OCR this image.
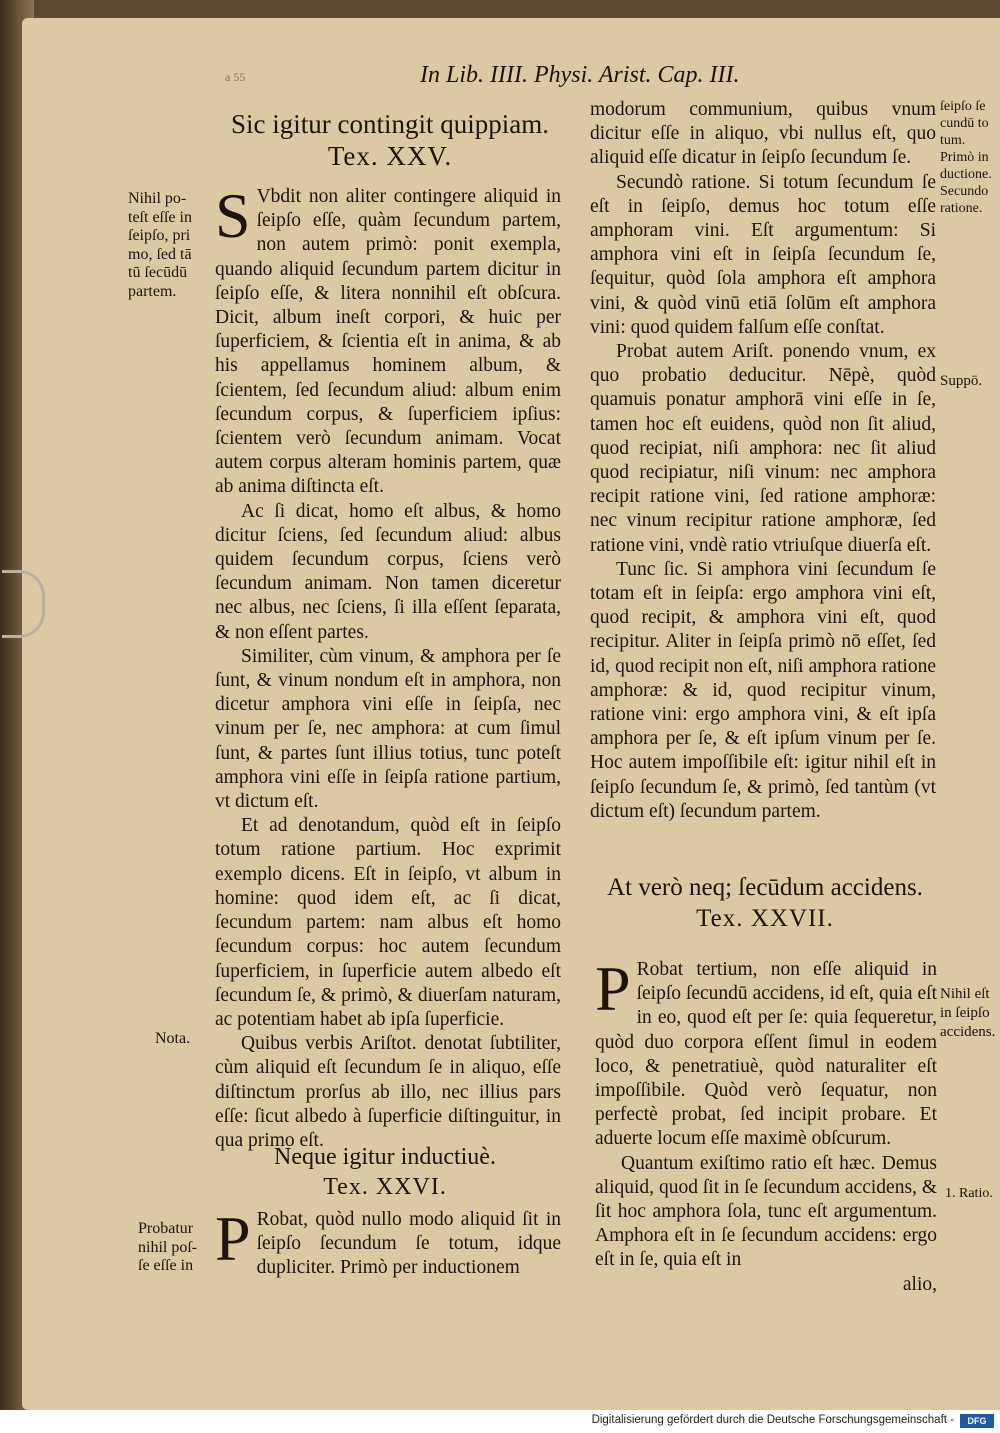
a 55	In Lib. IIII. Physi. Arist. Cap. III.
Sic igitur contingit quippiam.
Tex. XXV.

S Vbdit non aliter contingere aliquid in ſeipſo eſſe, quàm ſecundum partem, non autem primò: ponit exempla, quando aliquid ſecundum partem dicitur in ſeipſo eſſe, & litera nonnihil eſt obſcura. Dicit, album ineſt corpori, & huic per ſuperficiem, & ſcientia eſt in anima, & ab his appellamus hominem album, & ſcientem, ſed ſecundum aliud: album enim ſecundum corpus, & ſuperficiem ipſius: ſcientem verò ſecundum animam. Vocat autem corpus alteram hominis partem, quæ ab anima diſtincta eſt.

Ac ſi dicat, homo eſt albus, & homo dicitur ſciens, ſed ſecundum aliud: albus quidem ſecundum corpus, ſciens verò ſecundum animam. Non tamen diceretur nec albus, nec ſciens, ſi illa eſſent ſeparata, & non eſſent partes.

Similiter, cùm vinum, & amphora per ſe ſunt, & vinum nondum eſt in amphora, non dicetur amphora vini eſſe in ſeipſa, nec vinum per ſe, nec amphora: at cum ſimul ſunt, & partes ſunt illius totius, tunc poteſt amphora vini eſſe in ſeipſa ratione partium, vt dictum eſt.

Et ad denotandum, quòd eſt in ſeipſo totum ratione partium. Hoc exprimit exemplo dicens. Eſt in ſeipſo, vt album in homine: quod idem eſt, ac ſi dicat, ſecundum partem: nam albus eſt homo ſecundum corpus: hoc autem ſecundum ſuperficiem, in ſuperficie autem albedo eſt ſecundum ſe, & primò, & diuerſam naturam, ac potentiam habet ab ipſa ſuperficie.

Quibus verbis Ariſtot. denotat ſubtiliter, cùm aliquid eſt ſecundum ſe in aliquo, eſſe diſtinctum prorſus ab illo, nec illius pars eſſe: ſicut albedo à ſuperficie diſtinguitur, in qua primo eſt.

Neque igitur inductiuè.
Tex. XXVI.

P Robat, quòd nullo modo aliquid ſit in ſeipſo ſecundum ſe totum, idque dupliciter. Primò per inductionem

modorum communium, quibus vnum dicitur eſſe in aliquo, vbi nullus eſt, quo aliquid eſſe dicatur in ſeipſo ſecundum ſe.

Secundò ratione. Si totum ſecundum ſe eſt in ſeipſo, demus hoc totum eſſe amphoram vini. Eſt argumentum: Si amphora vini eſt in ſeipſa ſecundum ſe, ſequitur, quòd ſola amphora eſt amphora vini, & quòd vinū etiā ſolūm eſt amphora vini: quod quidem falſum eſſe conſtat.

Probat autem Ariſt. ponendo vnum, ex quo probatio deducitur. Nēpè, quòd quamuis ponatur amphorā vini eſſe in ſe, tamen hoc eſt euidens, quòd non ſit aliud, quod recipiat, niſi amphora: nec ſit aliud quod recipiatur, niſi vinum: nec amphora recipit ratione vini, ſed ratione amphoræ: nec vinum recipitur ratione amphoræ, ſed ratione vini, vndè ratio vtriuſque diuerſa eſt.

Tunc ſic. Si amphora vini ſecundum ſe totam eſt in ſeipſa: ergo amphora vini eſt, quod recipit, & amphora vini eſt, quod recipitur. Aliter in ſeipſa primò nō eſſet, ſed id, quod recipit non eſt, niſi amphora ratione amphoræ: & id, quod recipitur vinum, ratione vini: ergo amphora vini, & eſt ipſa amphora per ſe, & eſt ipſum vinum per ſe. Hoc autem impoſſibile eſt: igitur nihil eſt in ſeipſo ſecundum ſe, & primò, ſed tantùm (vt dictum eſt) ſecundum partem.

At verò neq; ſecūdum accidens.
Tex. XXVII.

P Robat tertium, non eſſe aliquid in ſeipſo ſecundū accidens, id eſt, quia eſt in eo, quod eſt per ſe: quia ſequeretur, quòd duo corpora eſſent ſimul in eodem loco, & penetratiuè, quòd naturaliter eſt impoſſibile. Quòd verò ſequatur, non perfectè probat, ſed incipit probare. Et aduerte locum eſſe maximè obſcurum.

Quantum exiſtimo ratio eſt hæc. Demus aliquid, quod ſit in ſe ſecundum accidens, & ſit hoc amphora ſola, tunc eſt argumentum. Amphora eſt in ſe ſecundum accidens: ergo eſt in ſe, quia eſt in

alio,

Nihil po-
teſt eſſe in
ſeipſo, pri
mo, ſed tā
tū ſecūdū
partem.
Nota.
Probatur
nihil poſ-
ſe eſſe in
ſeipſo ſe
cundū to
tum.
Primò in
ductione.
Secundo
ratione.
Suppō.
Nihil eſt
in ſeipſo
accidens.
1. Ratio.
Digitalisierung gefördert durch die Deutsche Forschungsgemeinschaft -	DFG
